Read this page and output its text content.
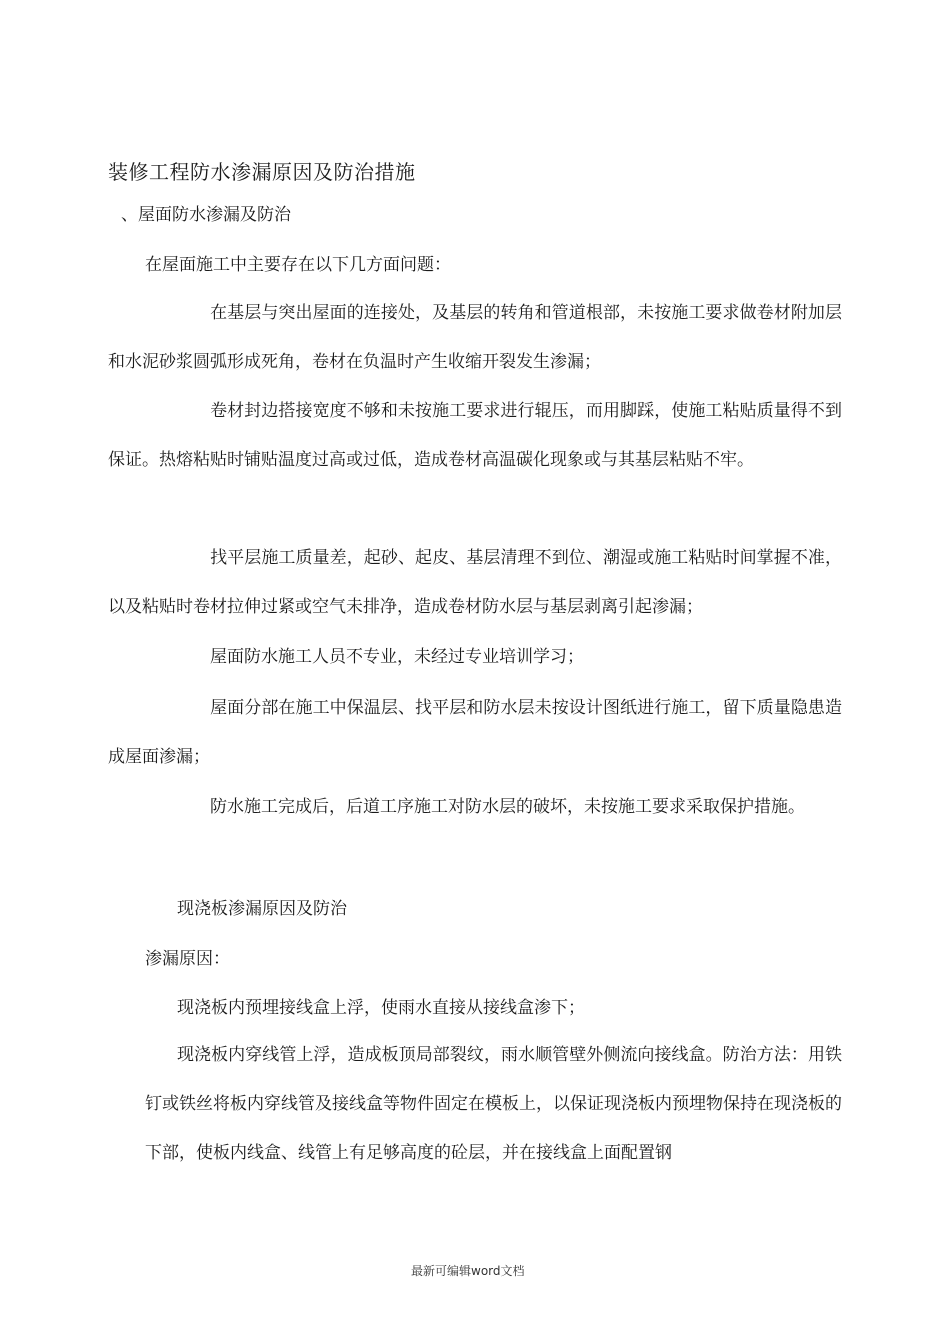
装修工程防水渗漏原因及防治措施
、屋面防水渗漏及防治
在屋面施工中主要存在以下几方面问题：
在基层与突出屋面的连接处，及基层的转角和管道根部，未按施工要求做卷材附加层和水泥砂浆圆弧形成死角，卷材在负温时产生收缩开裂发生渗漏；
卷材封边搭接宽度不够和未按施工要求进行辊压，而用脚踩，使施工粘贴质量得不到保证。热熔粘贴时铺贴温度过高或过低，造成卷材高温碳化现象或与其基层粘贴不牢。
找平层施工质量差，起砂、起皮、基层清理不到位、潮湿或施工粘贴时间掌握不准，以及粘贴时卷材拉伸过紧或空气未排净，造成卷材防水层与基层剥离引起渗漏；
屋面防水施工人员不专业，未经过专业培训学习；
屋面分部在施工中保温层、找平层和防水层未按设计图纸进行施工，留下质量隐患造成屋面渗漏；
防水施工完成后，后道工序施工对防水层的破坏，未按施工要求采取保护措施。
现浇板渗漏原因及防治
渗漏原因：
现浇板内预埋接线盒上浮，使雨水直接从接线盒渗下；
现浇板内穿线管上浮，造成板顶局部裂纹，雨水顺管壁外侧流向接线盒。防治方法：用铁钉或铁丝将板内穿线管及接线盒等物件固定在模板上，以保证现浇板内预埋物保持在现浇板的下部，使板内线盒、线管上有足够高度的砼层，并在接线盒上面配置钢
最新可编辑word文档
